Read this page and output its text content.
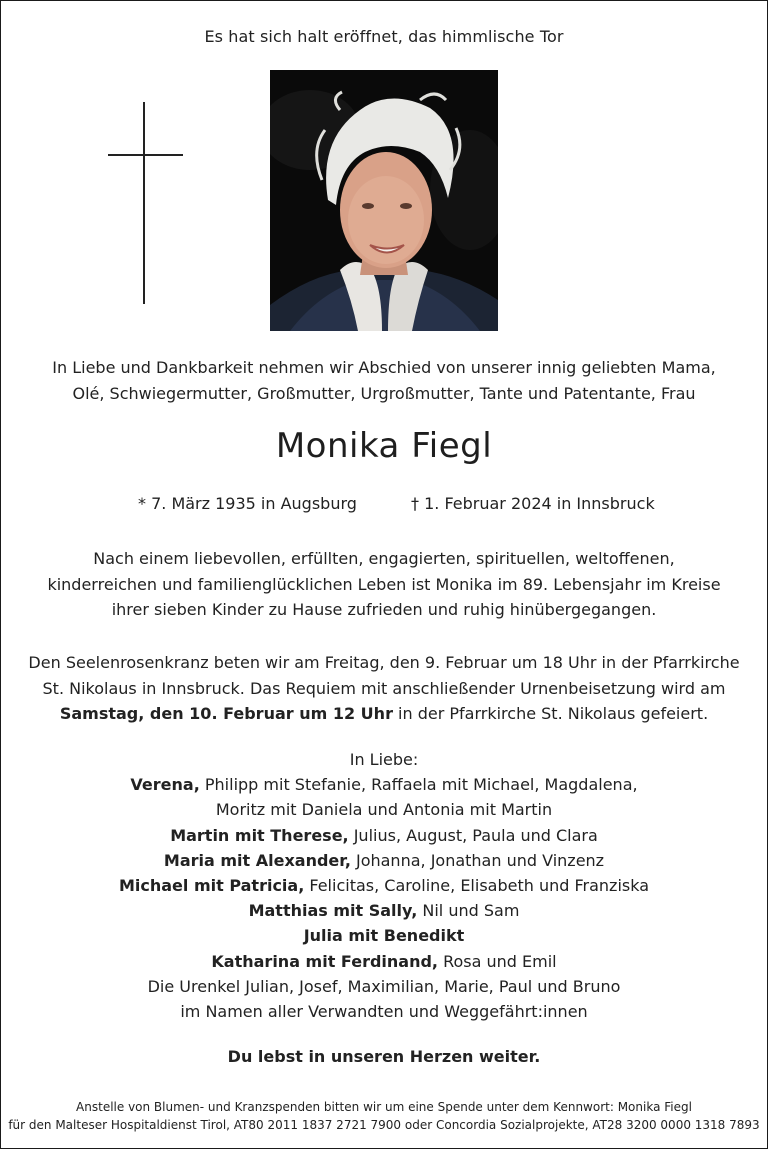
Es hat sich halt eröffnet, das himmlische Tor
In Liebe und Dankbarkeit nehmen wir Abschied von unserer innig geliebten Mama,
Olé, Schwiegermutter, Großmutter, Urgroßmutter, Tante und Patentante, Frau
Monika Fiegl
* 7. März 1935 in Augsburg	† 1. Februar 2024 in Innsbruck
Nach einem liebevollen, erfüllten, engagierten, spirituellen, weltoffenen,
kinderreichen und familienglücklichen Leben ist Monika im 89. Lebensjahr im Kreise
ihrer sieben Kinder zu Hause zufrieden und ruhig hinübergegangen.
Den Seelenrosenkranz beten wir am Freitag, den 9. Februar um 18 Uhr in der Pfarrkirche
St. Nikolaus in Innsbruck. Das Requiem mit anschließender Urnenbeisetzung wird am
Samstag, den 10. Februar um 12 Uhr in der Pfarrkirche St. Nikolaus gefeiert.
In Liebe:
Verena, Philipp mit Stefanie, Raffaela mit Michael, Magdalena,
Moritz mit Daniela und Antonia mit Martin
Martin mit Therese, Julius, August, Paula und Clara
Maria mit Alexander, Johanna, Jonathan und Vinzenz
Michael mit Patricia, Felicitas, Caroline, Elisabeth und Franziska
Matthias mit Sally, Nil und Sam
Julia mit Benedikt
Katharina mit Ferdinand, Rosa und Emil
Die Urenkel Julian, Josef, Maximilian, Marie, Paul und Bruno
im Namen aller Verwandten und Weggefährt:innen
Du lebst in unseren Herzen weiter.
Anstelle von Blumen- und Kranzspenden bitten wir um eine Spende unter dem Kennwort: Monika Fiegl
für den Malteser Hospitaldienst Tirol, AT80 2011 1837 2721 7900 oder Concordia Sozialprojekte, AT28 3200 0000 1318 7893
